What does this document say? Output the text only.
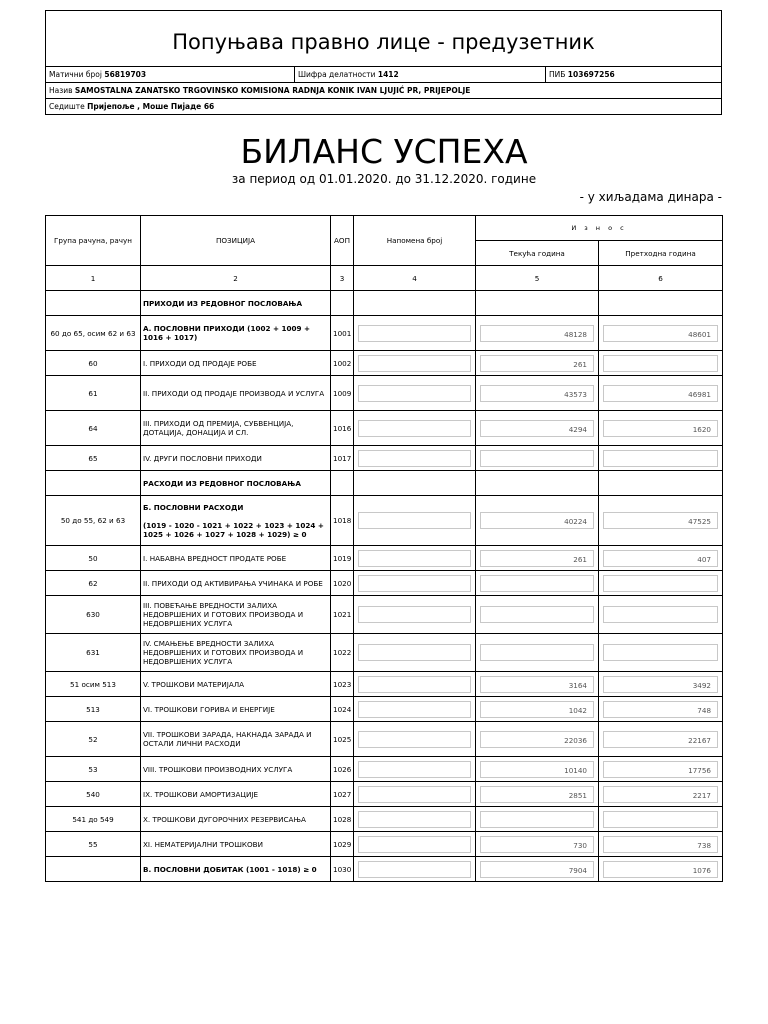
Попуњава правно лице - предузетник
Матични број 56819703	Шифра делатности 1412	ПИБ 103697256
Назив SAMOSTALNA ZANATSKO TRGOVINSKO KOMISIONA RADNJA KONIK IVAN LJUJIĆ PR, PRIJEPOLJE
Седиште Пријепоље , Моше Пијаде 66
БИЛАНС УСПЕХА
за период од 01.01.2020. до 31.12.2020. године
- у хиљадама динара -
Група рачуна, рачун	ПОЗИЦИЈА	АОП	Напомена број	И з н о с	
				Текућа година	Претходна година
1	2	3	4	5	6
	ПРИХОДИ ИЗ РЕДОВНОГ ПОСЛОВАЊА				
60 до 65, осим 62 и 63	А. ПОСЛОВНИ ПРИХОДИ (1002 + 1009 + 1016 + 1017)	1001		48128	48601

60	I. ПРИХОДИ ОД ПРОДАЈЕ РОБЕ	1002		261	

61	II. ПРИХОДИ ОД ПРОДАЈЕ ПРОИЗВОДА И УСЛУГА	1009		43573	46981

64	III. ПРИХОДИ ОД ПРЕМИЈА, СУБВЕНЦИЈА, ДОТАЦИЈА, ДОНАЦИЈА И СЛ.	1016		4294	1620

65	IV. ДРУГИ ПОСЛОВНИ ПРИХОДИ	1017	

	РАСХОДИ ИЗ РЕДОВНОГ ПОСЛОВАЊА				
50 до 55, 62 и 63	Б. ПОСЛОВНИ РАСХОДИ

(1019 - 1020 - 1021 + 1022 + 1023 + 1024 + 1025 + 1026 + 1027 + 1028 + 1029) ≥ 0	1018		40224	47525

50	I. НАБАВНА ВРЕДНОСТ ПРОДАТЕ РОБЕ	1019		261	407

62	II. ПРИХОДИ ОД АКТИВИРАЊА УЧИНАКА И РОБЕ	1020	

630	III. ПОВЕЋАЊЕ ВРЕДНОСТИ ЗАЛИХА НЕДОВРШЕНИХ И ГОТОВИХ ПРОИЗВОДА И НЕДОВРШЕНИХ УСЛУГА	1021	

631	IV. СМАЊЕЊЕ ВРЕДНОСТИ ЗАЛИХА НЕДОВРШЕНИХ И ГОТОВИХ ПРОИЗВОДА И НЕДОВРШЕНИХ УСЛУГА	1022	

51 осим 513	V. ТРОШКОВИ МАТЕРИЈАЛА	1023		3164	3492

513	VI. ТРОШКОВИ ГОРИВА И ЕНЕРГИЈЕ	1024		1042	748

52	VII. ТРОШКОВИ ЗАРАДА, НАКНАДА ЗАРАДА И ОСТАЛИ ЛИЧНИ РАСХОДИ	1025		22036	22167

53	VIII. ТРОШКОВИ ПРОИЗВОДНИХ УСЛУГА	1026		10140	17756

540	IX. ТРОШКОВИ АМОРТИЗАЦИЈЕ	1027		2851	2217

541 до 549	X. ТРОШКОВИ ДУГОРОЧНИХ РЕЗЕРВИСАЊА	1028	

55	XI. НЕМАТЕРИЈАЛНИ ТРОШКОВИ	1029		730	738

	В. ПОСЛОВНИ ДОБИТАК (1001 - 1018) ≥ 0	1030		7904	1076
